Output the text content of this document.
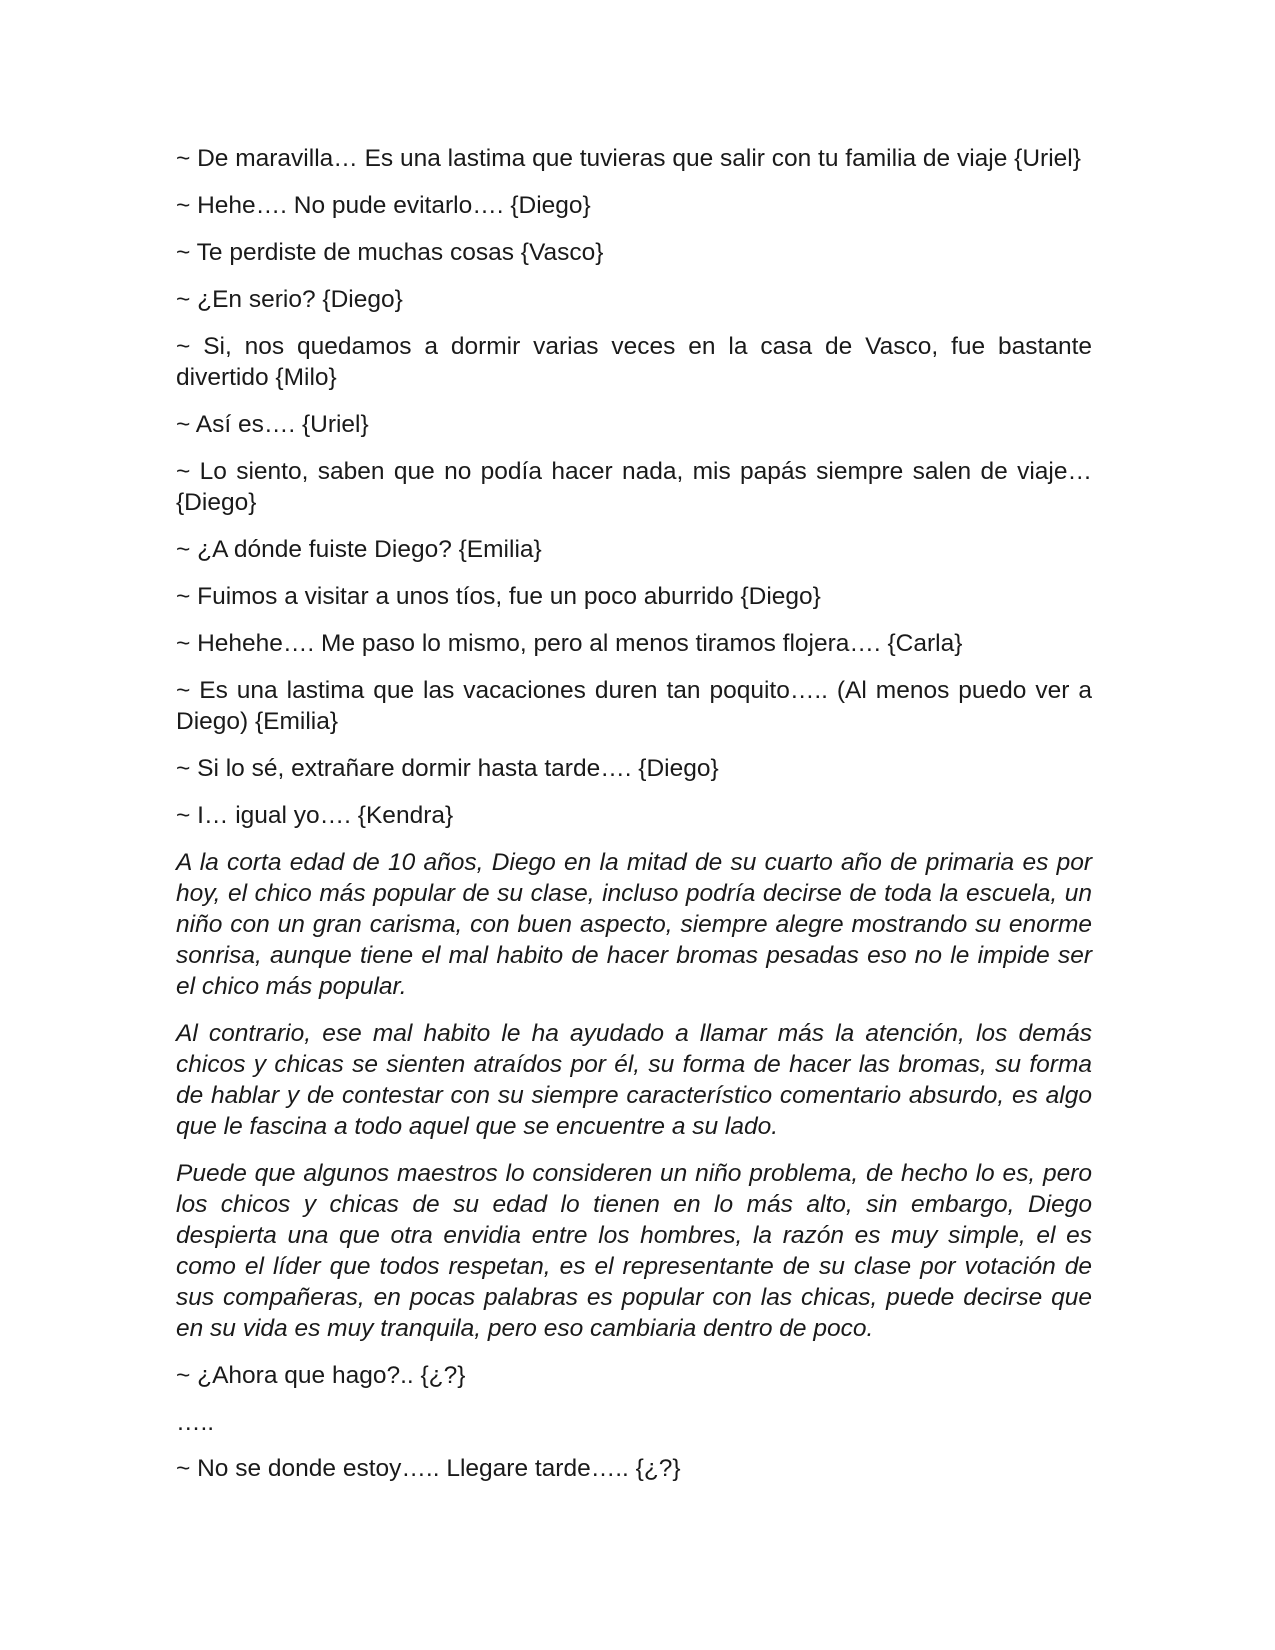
~ De maravilla… Es una lastima que tuvieras que salir con tu familia de viaje {Uriel}

~ Hehe…. No pude evitarlo…. {Diego}

~ Te perdiste de muchas cosas {Vasco}

~ ¿En serio? {Diego}

~ Si, nos quedamos a dormir varias veces en la casa de Vasco, fue bastante divertido {Milo}

~ Así es…. {Uriel}

~ Lo siento, saben que no podía hacer nada, mis papás siempre salen de viaje… {Diego}

~ ¿A dónde fuiste Diego? {Emilia}

~ Fuimos a visitar a unos tíos, fue un poco aburrido {Diego}

~ Hehehe…. Me paso lo mismo, pero al menos tiramos flojera…. {Carla}

~ Es una lastima que las vacaciones duren tan poquito….. (Al menos puedo ver a Diego) {Emilia}

~ Si lo sé, extrañare dormir hasta tarde…. {Diego}

~ I… igual yo…. {Kendra}

A la corta edad de 10 años, Diego en la mitad de su cuarto año de primaria es por hoy, el chico más popular de su clase, incluso podría decirse de toda la escuela, un niño con un gran carisma, con buen aspecto, siempre alegre mostrando su enorme sonrisa, aunque tiene el mal habito de hacer bromas pesadas eso no le impide ser el chico más popular.

Al contrario, ese mal habito le ha ayudado a llamar más la atención, los demás chicos y chicas se sienten atraídos por él, su forma de hacer las bromas, su forma de hablar y de contestar con su siempre característico comentario absurdo, es algo que le fascina a todo aquel que se encuentre a su lado.

Puede que algunos maestros lo consideren un niño problema, de hecho lo es, pero los chicos y chicas de su edad lo tienen en lo más alto, sin embargo, Diego despierta una que otra envidia entre los hombres, la razón es muy simple, el es como el líder que todos respetan, es el representante de su clase por votación de sus compañeras, en pocas palabras es popular con las chicas, puede decirse que en su vida es muy tranquila, pero eso cambiaria dentro de poco.

~ ¿Ahora que hago?.. {¿?}

…..

~ No se donde estoy….. Llegare tarde….. {¿?}
